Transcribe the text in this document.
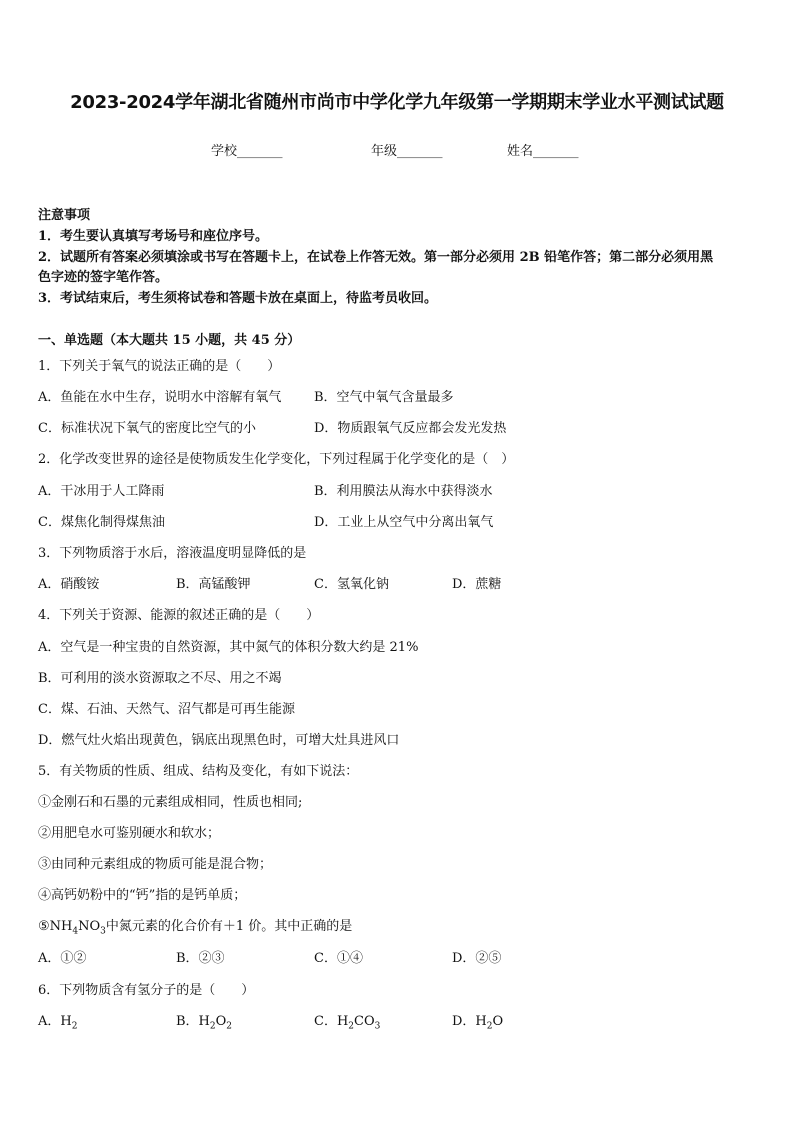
2023-2024学年湖北省随州市尚市中学化学九年级第一学期期末学业水平测试试题
学校_______	年级_______	姓名_______
注意事项
1．考生要认真填写考场号和座位序号。
2．试题所有答案必须填涂或书写在答题卡上，在试卷上作答无效。第一部分必须用 2B 铅笔作答；第二部分必须用黑
色字迹的签字笔作答。
3．考试结束后，考生须将试卷和答题卡放在桌面上，待监考员收回。
一、单选题（本大题共 15 小题，共 45 分）
1．下列关于氧气的说法正确的是（　　）
A．鱼能在水中生存，说明水中溶解有氧气	B．空气中氧气含量最多
C．标准状况下氧气的密度比空气的小	D．物质跟氧气反应都会发光发热
2．化学改变世界的途径是使物质发生化学变化，下列过程属于化学变化的是（　）
A．干冰用于人工降雨	B．利用膜法从海水中获得淡水
C．煤焦化制得煤焦油	D．工业上从空气中分离出氧气
3．下列物质溶于水后，溶液温度明显降低的是
A．硝酸铵	B．高锰酸钾	C．氢氧化钠	D．蔗糖
4．下列关于资源、能源的叙述正确的是（　　）
A．空气是一种宝贵的自然资源，其中氮气的体积分数大约是 21%
B．可利用的淡水资源取之不尽、用之不竭
C．煤、石油、天然气、沼气都是可再生能源
D．燃气灶火焰出现黄色，锅底出现黑色时，可增大灶具进风口
5．有关物质的性质、组成、结构及变化，有如下说法：
①金刚石和石墨的元素组成相同，性质也相同;
②用肥皂水可鉴别硬水和软水；
③由同种元素组成的物质可能是混合物；
④高钙奶粉中的“钙”指的是钙单质；
$⑤NH_4NO_3$中氮元素的化合价有＋1 价。其中正确的是
A．①②	B．②③	C．①④	D．②⑤
6．下列物质含有氢分子的是（　　）
A．$H_2$	B．$H_2O_2$	C．$H_2CO_3$	D．$H_2O$
